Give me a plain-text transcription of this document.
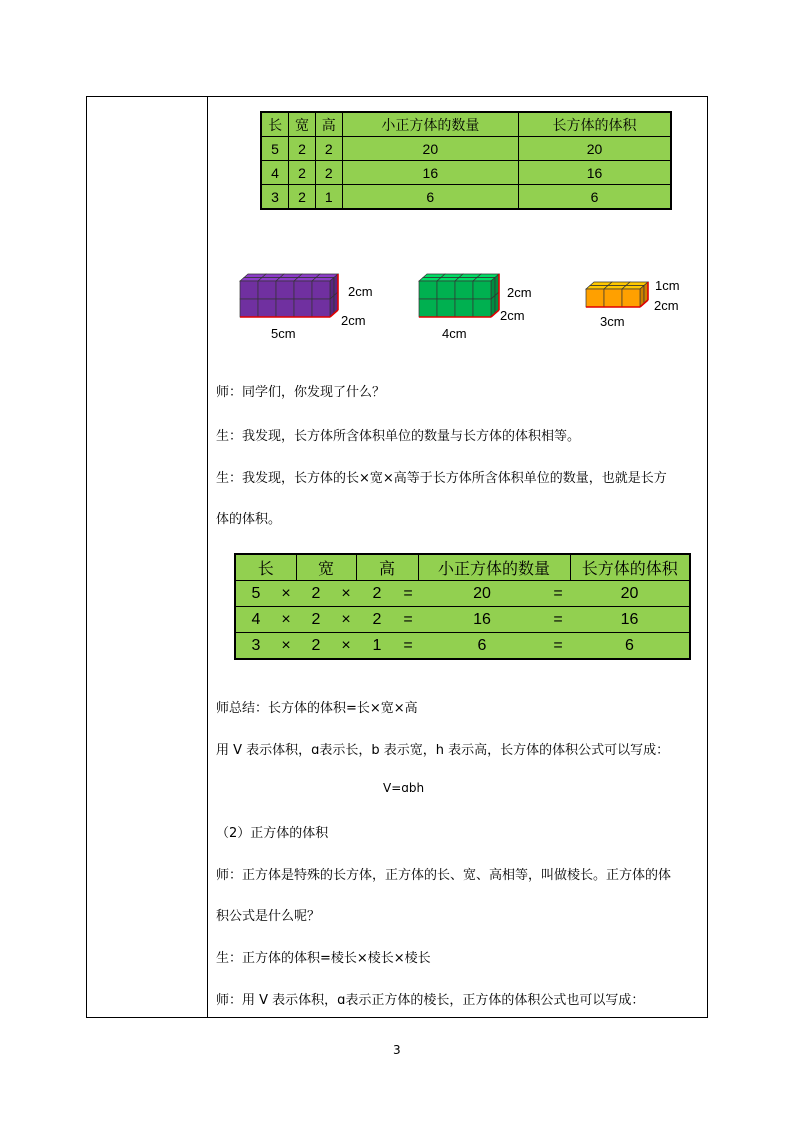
长	宽	高	小正方体的数量	长方体的体积
5	2	2	20	20
4	2	2	16	16
3	2	1	6	6
2cm
2cm
5cm
2cm
2cm
4cm
1cm
2cm
3cm
师：同学们，你发现了什么？
生：我发现，长方体所含体积单位的数量与长方体的体积相等。
生：我发现，长方体的长×宽×高等于长方体所含体积单位的数量，也就是长方
体的体积。
长		宽		高		小正方体的数量		长方体的体积
5	×	2	×	2	=	20	=	20
4	×	2	×	2	=	16	=	16
3	×	2	×	1	=	6	=	6
师总结：长方体的体积=长×宽×高
用 V 表示体积，ɑ表示长，b 表示宽，h 表示高，长方体的体积公式可以写成：
V=ɑbh
（2）正方体的体积
师：正方体是特殊的长方体，正方体的长、宽、高相等，叫做棱长。正方体的体
积公式是什么呢？
生：正方体的体积=棱长×棱长×棱长
师：用 V 表示体积，ɑ表示正方体的棱长，正方体的体积公式也可以写成：
3
